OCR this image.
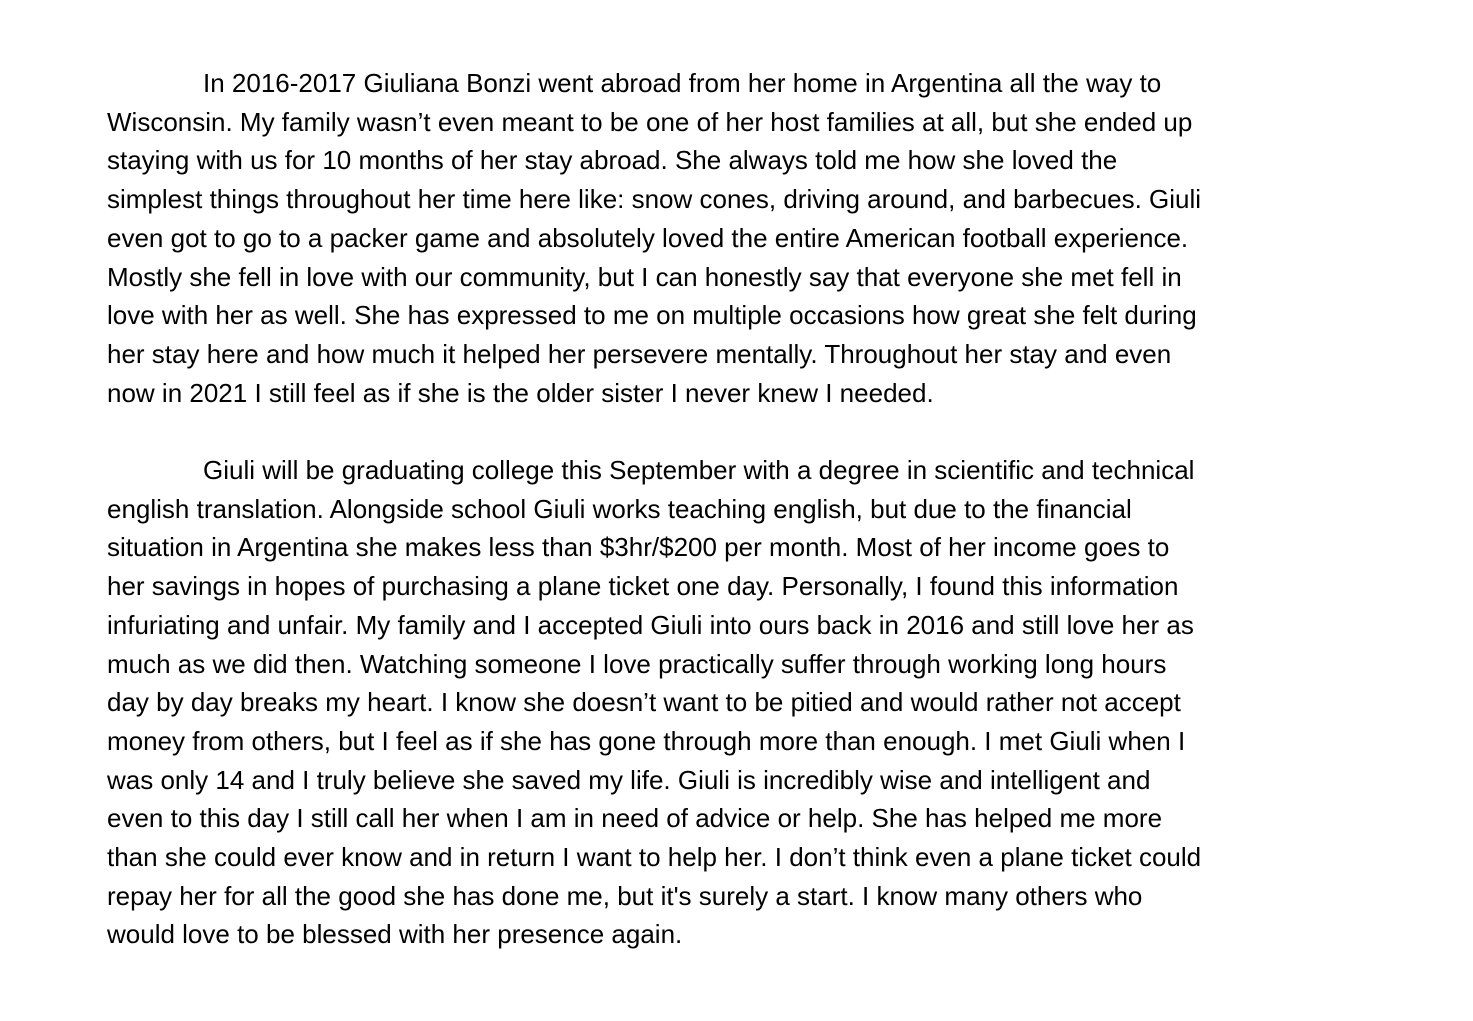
In 2016-2017 Giuliana Bonzi went abroad from her home in Argentina all the way to
Wisconsin. My family wasn’t even meant to be one of her host families at all, but she ended up
staying with us for 10 months of her stay abroad. She always told me how she loved the
simplest things throughout her time here like: snow cones, driving around, and barbecues. Giuli
even got to go to a packer game and absolutely loved the entire American football experience.
Mostly she fell in love with our community, but I can honestly say that everyone she met fell in
love with her as well. She has expressed to me on multiple occasions how great she felt during
her stay here and how much it helped her persevere mentally. Throughout her stay and even
now in 2021 I still feel as if she is the older sister I never knew I needed.
Giuli will be graduating college this September with a degree in scientific and technical
english translation. Alongside school Giuli works teaching english, but due to the financial
situation in Argentina she makes less than $3hr/$200 per month. Most of her income goes to
her savings in hopes of purchasing a plane ticket one day. Personally, I found this information
infuriating and unfair. My family and I accepted Giuli into ours back in 2016 and still love her as
much as we did then. Watching someone I love practically suffer through working long hours
day by day breaks my heart. I know she doesn’t want to be pitied and would rather not accept
money from others, but I feel as if she has gone through more than enough. I met Giuli when I
was only 14 and I truly believe she saved my life. Giuli is incredibly wise and intelligent and
even to this day I still call her when I am in need of advice or help. She has helped me more
than she could ever know and in return I want to help her. I don’t think even a plane ticket could
repay her for all the good she has done me, but it's surely a start. I know many others who
would love to be blessed with her presence again.
